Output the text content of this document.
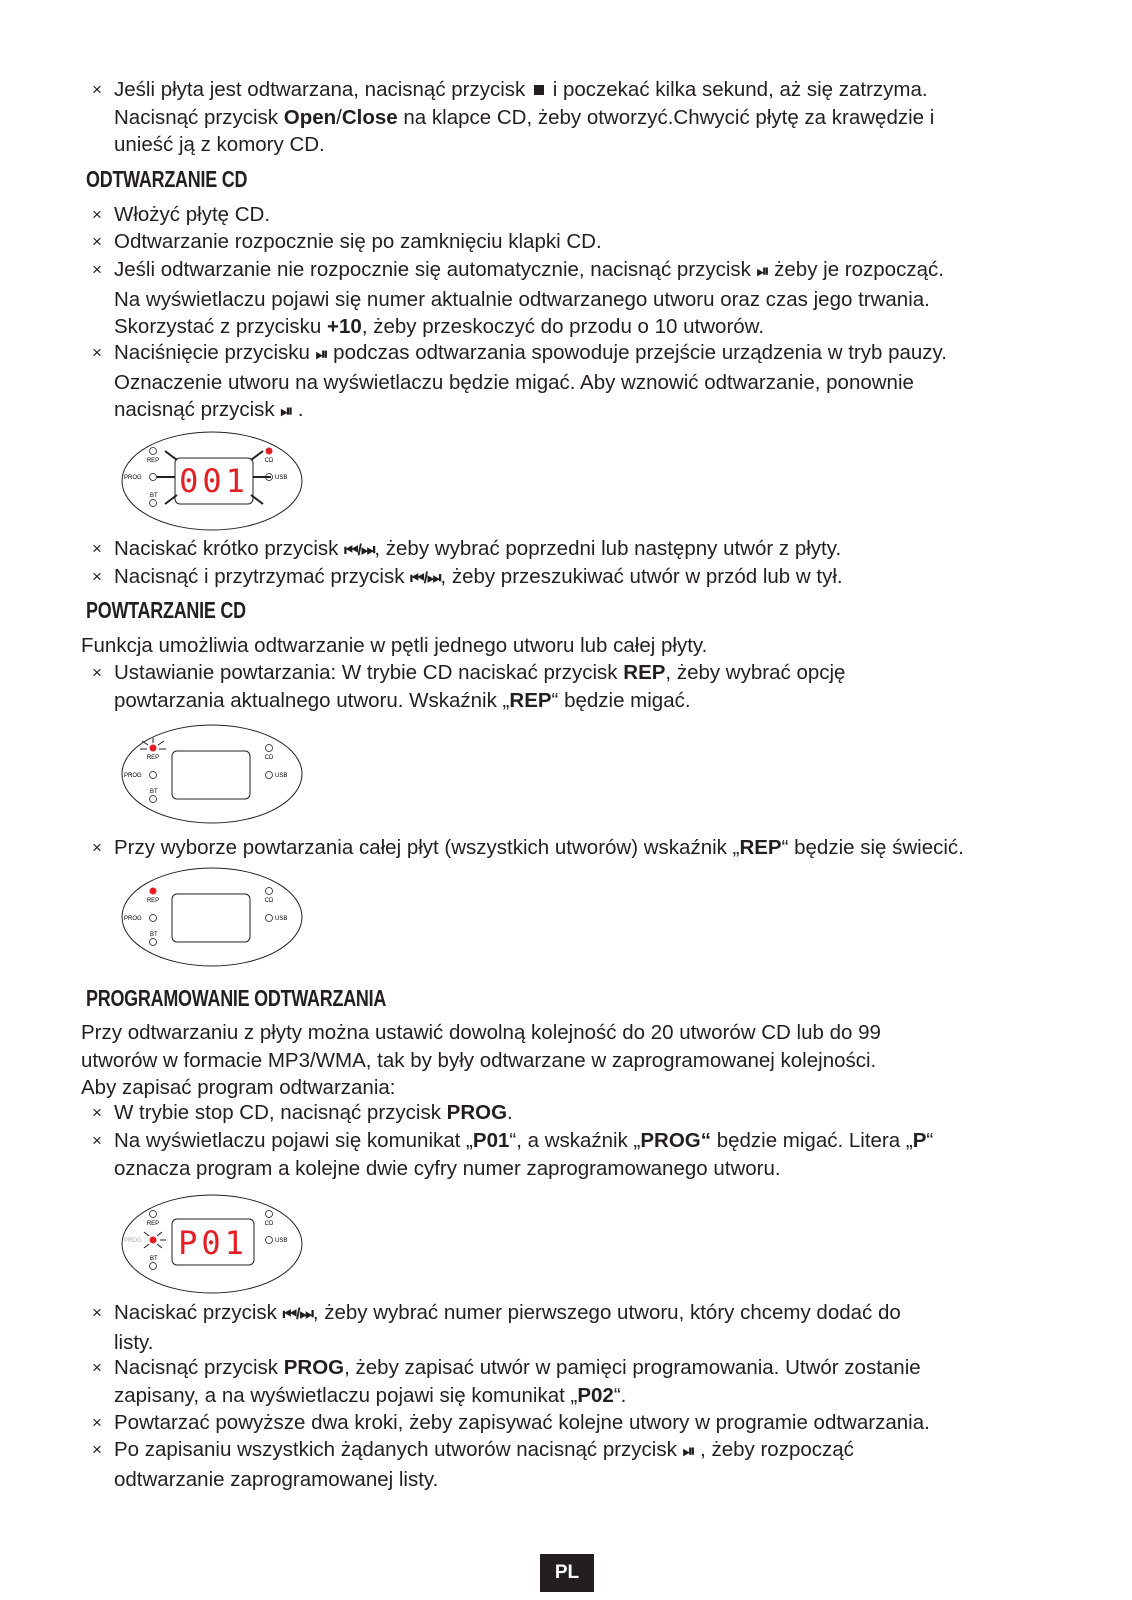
× Jeśli płyta jest odtwarzana, nacisnąć przycisk i poczekać kilka sekund, aż się zatrzyma.
Nacisnąć przycisk Open/Close na klapce CD, żeby otworzyć.Chwycić płytę za krawędzie i
unieść ją z komory CD.
ODTWARZANIE CD
× Włożyć płytę CD.
× Odtwarzanie rozpocznie się po zamknięciu klapki CD.
× Jeśli odtwarzanie nie rozpocznie się automatycznie, nacisnąć przycisk ⏯ żeby je rozpocząć.
Na wyświetlaczu pojawi się numer aktualnie odtwarzanego utworu oraz czas jego trwania.
Skorzystać z przycisku +10, żeby przeskoczyć do przodu o 10 utworów.
× Naciśnięcie przycisku ⏯ podczas odtwarzania spowoduje przejście urządzenia w tryb pauzy.
Oznaczenie utworu na wyświetlaczu będzie migać. Aby wznowić odtwarzanie, ponownie
nacisnąć przycisk ⏯ .
REP	CD
PROG	USB
BT 001
× Naciskać krótko przycisk ⏮/⏭, żeby wybrać poprzedni lub następny utwór z płyty.
× Nacisnąć i przytrzymać przycisk ⏮/⏭, żeby przeszukiwać utwór w przód lub w tył.
POWTARZANIE CD
Funkcja umożliwia odtwarzanie w pętli jednego utworu lub całej płyty.
× Ustawianie powtarzania: W trybie CD naciskać przycisk REP, żeby wybrać opcję
powtarzania aktualnego utworu. Wskaźnik „REP“ będzie migać.
REP	CD
PROG	USB
BT
× Przy wyborze powtarzania całej płyt (wszystkich utworów) wskaźnik „REP“ będzie się świecić.
REP	CD
PROG	USB
BT
PROGRAMOWANIE ODTWARZANIA
Przy odtwarzaniu z płyty można ustawić dowolną kolejność do 20 utworów CD lub do 99
utworów w formacie MP3/WMA, tak by były odtwarzane w zaprogramowanej kolejności.
Aby zapisać program odtwarzania:
× W trybie stop CD, nacisnąć przycisk PROG.
× Na wyświetlaczu pojawi się komunikat „P01“, a wskaźnik „PROG“ będzie migać. Litera „P“
oznacza program a kolejne dwie cyfry numer zaprogramowanego utworu.
REP	CD
PROG	USB
BT P01
× Naciskać przycisk ⏮/⏭, żeby wybrać numer pierwszego utworu, który chcemy dodać do
listy.
× Nacisnąć przycisk PROG, żeby zapisać utwór w pamięci programowania. Utwór zostanie
zapisany, a na wyświetlaczu pojawi się komunikat „P02“.
× Powtarzać powyższe dwa kroki, żeby zapisywać kolejne utwory w programie odtwarzania.
× Po zapisaniu wszystkich żądanych utworów nacisnąć przycisk ⏯ , żeby rozpocząć
odtwarzanie zaprogramowanej listy.
PL
